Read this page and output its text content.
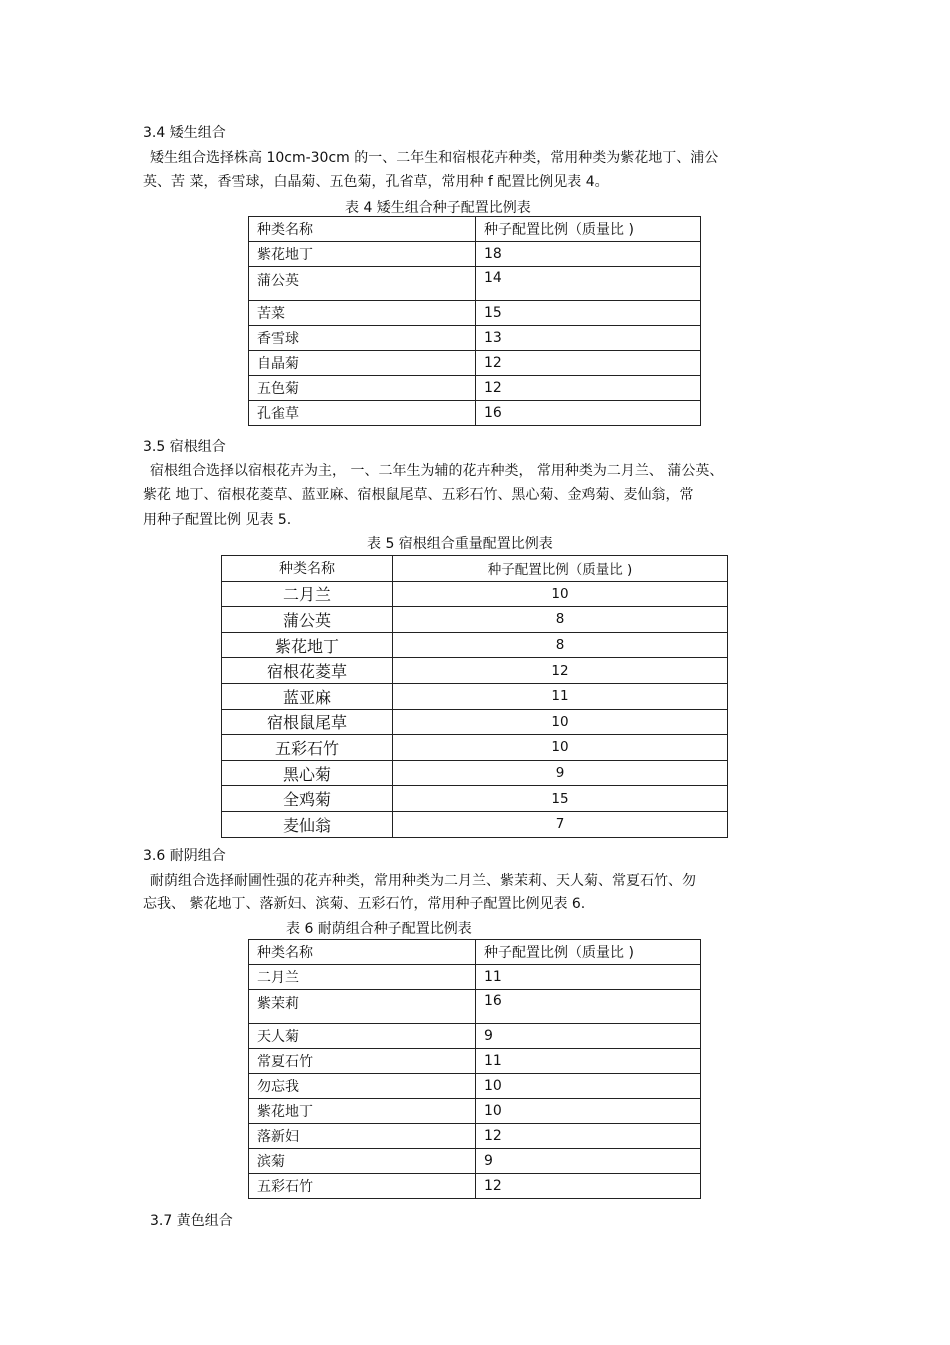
3.4 矮生组合
矮生组合选择株高 10cm-30cm 的一、二年生和宿根花卉种类，常用种类为紫花地丁、浦公
英、苦 菜，香雪球，白晶菊、五色菊，孔省草，常用种 f 配置比例见表 4。
表 4 矮生组合种子配置比例表
种类名称	种子配置比例（质量比 )
紫花地丁	18
蒲公英	14
苦菜	15
香雪球	13
自晶菊	12
五色菊	12
孔雀草	16
3.5 宿根组合
宿根组合选择以宿根花卉为主， 一、二年生为辅的花卉种类， 常用种类为二月兰、 蒲公英、
紫花 地丁、宿根花菱草、蓝亚麻、宿根鼠尾草、五彩石竹、黑心菊、金鸡菊、麦仙翁，常
用种子配置比例 见表 5.
表 5 宿根组合重量配置比例表
种类名称	种子配置比例（质量比 )
二月兰	10
蒲公英	8
紫花地丁	8
宿根花菱草	12
蓝亚麻	11
宿根鼠尾草	10
五彩石竹	10
黑心菊	9
全鸡菊	15
麦仙翁	7
3.6 耐阴组合
耐荫组合选择耐圃性强的花卉种类，常用种类为二月兰、紫茉莉、天人菊、常夏石竹、勿
忘我、 紫花地丁、落新妇、滨菊、五彩石竹，常用种子配置比例见表 6.
表 6 耐荫组合种子配置比例表
种类名称	种子配置比例（质量比 )
二月兰	11
紫茉莉	16
天人菊	9
常夏石竹	11
勿忘我	10
紫花地丁	10
落新妇	12
滨菊	9
五彩石竹	12
3.7 黄色组合
